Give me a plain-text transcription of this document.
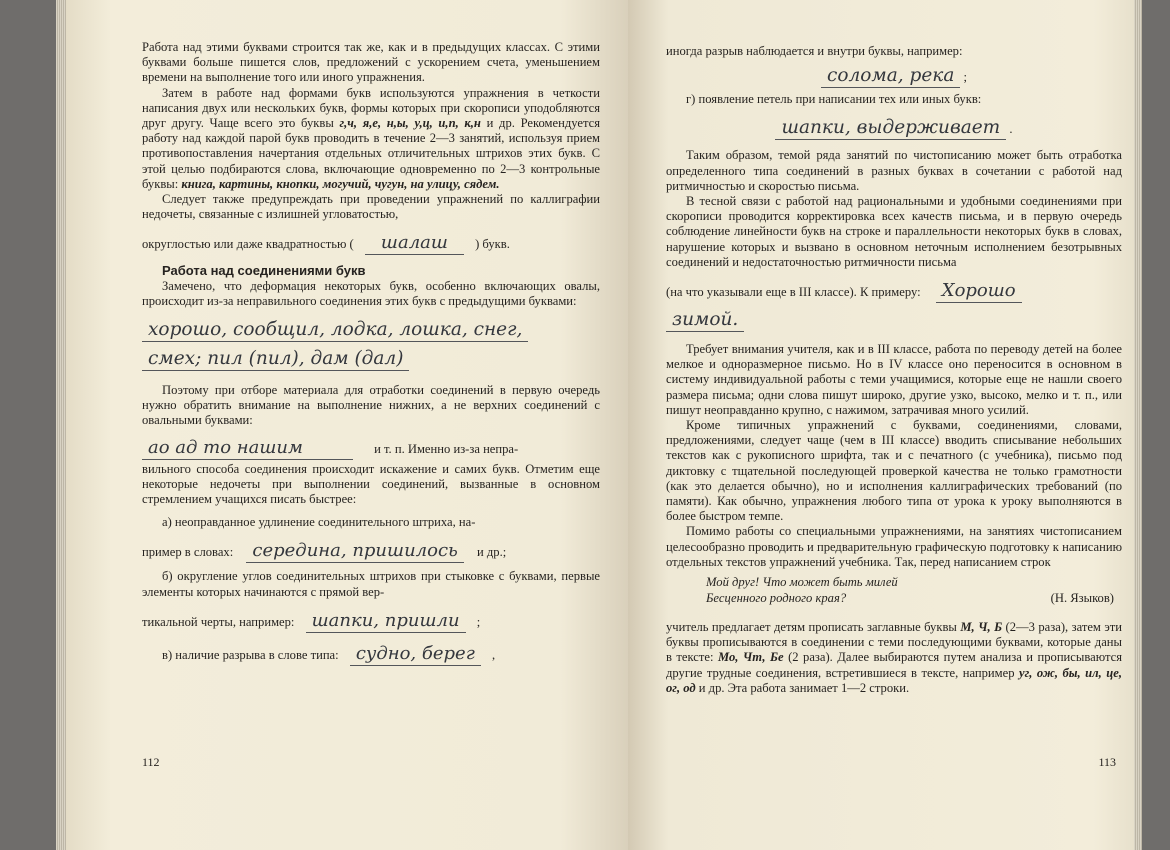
Работа над этими буквами строится так же, как и в предыдущих классах. С этими буквами больше пишется слов, предложений с ускорением счета, уменьшением времени на выполнение того или иного упражнения.

Затем в работе над формами букв используются упражнения в четкости написания двух или нескольких букв, формы которых при скорописи уподобляются друг другу. Чаще всего это буквы г,ч, я,е, н,ы, у,ц, и,п, к,н и др. Рекомендуется работу над каждой парой букв проводить в течение 2—3 занятий, используя прием противопоставления начертания отдельных отличительных штрихов этих букв. С этой целью подбираются слова, включающие одновременно по 2—3 контрольные буквы: книга, картины, кнопки, могучий, чугун, на улицу, сядем.

Следует также предупреждать при проведении упражнений по каллиграфии недочеты, связанные с излишней угловатостью,

округлостью или даже квадратностью ( шалаш ) букв.
Работа над соединениями букв

Замечено, что деформация некоторых букв, особенно включающих овалы, происходит из-за неправильного соединения этих букв с предыдущими буквами:

хорошо, сообщил, лодка, лошка, снег,
смех; пил (пил), дам (дал)

Поэтому при отборе материала для отработки соединений в первую очередь нужно обратить внимание на выполнение нижних, а не верхних соединений с овальными буквами:

ао ад то нашим	и т. п. Именно из-за непра-

вильного способа соединения происходит искажение и самих букв. Отметим еще некоторые недочеты при выполнении соединений, вызванные в основном стремлением учащихся писать быстрее:

а) неоправданное удлинение соединительного штриха, на-

пример в словах: середина, пришилось и др.;

б) округление углов соединительных штрихов при стыковке с буквами, первые элементы которых начинаются с прямой вер-

тикальной черты, например: шапки, пришли ;
в) наличие разрыва в слове типа: судно, берег ,
112

иногда разрыв наблюдается и внутри буквы, например:

солома, река ;

г) появление петель при написании тех или иных букв:

шапки, выдерживает .

Таким образом, темой ряда занятий по чистописанию может быть отработка определенного типа соединений в разных буквах в сочетании с работой над ритмичностью и скоростью письма.

В тесной связи с работой над рациональными и удобными соединениями при скорописи проводится корректировка всех качеств письма, и в первую очередь соблюдение линейности букв на строке и параллельности некоторых букв в словах, нарушение которых и вызвано в основном неточным исполнением безотрывных соединений и недостаточностью ритмичности письма

(на что указывали еще в III классе). К примеру: Хорошо
зимой.

Требует внимания учителя, как и в III классе, работа по переводу детей на более мелкое и одноразмерное письмо. Но в IV классе оно переносится в основном в систему индивидуальной работы с теми учащимися, которые еще не нашли своего размера письма; одни слова пишут широко, другие узко, высоко, мелко и т. п., или пишут неоправданно крупно, с нажимом, затрачивая много усилий.

Кроме типичных упражнений с буквами, соединениями, словами, предложениями, следует чаще (чем в III классе) вводить списывание небольших текстов как с рукописного шрифта, так и с печатного (с учебника), письмо под диктовку с тщательной последующей проверкой качества не только грамотности (как это делается обычно), но и исполнения каллиграфических требований (по памяти). Как обычно, упражнения любого типа от урока к уроку выполняются в более быстром темпе.

Помимо работы со специальными упражнениями, на занятиях чистописанием целесообразно проводить и предварительную графическую подготовку к написанию отдельных текстов упражнений учебника. Так, перед написанием строк

Мой друг! Что может быть милей
Бесценного родного края?	(Н. Языков)

учитель предлагает детям прописать заглавные буквы М, Ч, Б (2—3 раза), затем эти буквы прописываются в соединении с теми последующими буквами, которые даны в тексте: Мо, Чт, Бе (2 раза). Далее выбираются путем анализа и прописываются другие трудные соединения, встретившиеся в тексте, например уг, ож, бы, ил, це, ог, од и др. Эта работа занимает 1—2 строки.

113
